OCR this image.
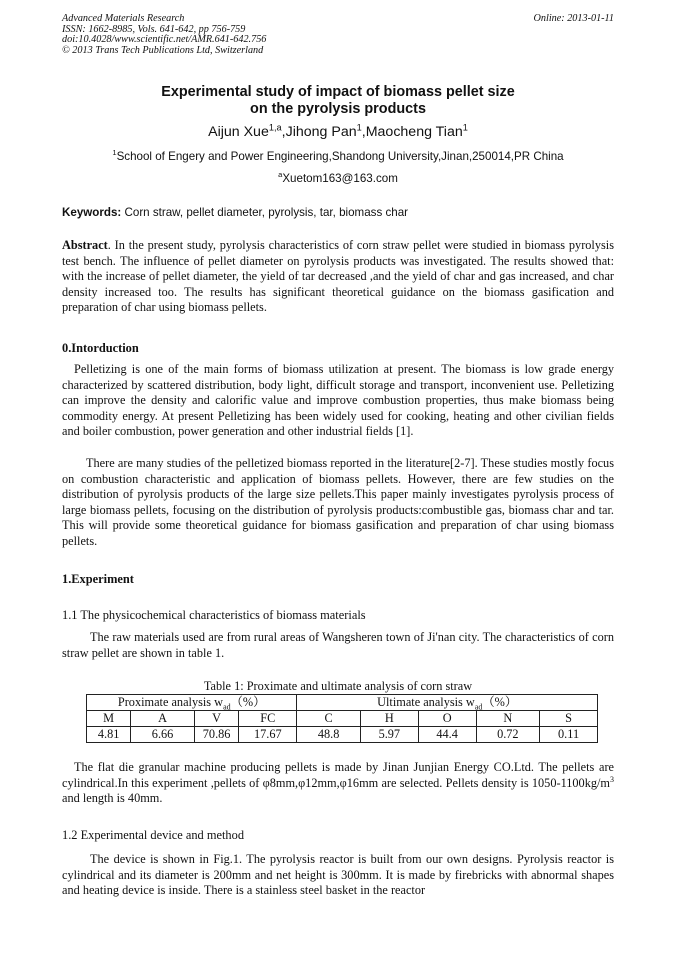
Advanced Materials Research
ISSN: 1662-8985, Vols. 641-642, pp 756-759
doi:10.4028/www.scientific.net/AMR.641-642.756
© 2013 Trans Tech Publications Ltd, Switzerland
Online: 2013-01-11
Experimental study of impact of biomass pellet size
on the pyrolysis products
Aijun Xue$^{1,a}$,Jihong Pan$^1$,Maocheng Tian$^1$
$^1$School of Engery and Power Engineering,Shandong University,Jinan,250014,PR China
$^a$Xuetom163@163.com
Keywords: Corn straw, pellet diameter, pyrolysis, tar, biomass char

Abstract. In the present study, pyrolysis characteristics of corn straw pellet were studied in biomass pyrolysis test bench. The influence of pellet diameter on pyrolysis products was investigated. The results showed that: with the increase of pellet diameter, the yield of tar decreased ,and the yield of char and gas increased, and char density increased too. The results has significant theoretical guidance on the biomass gasification and preparation of char using biomass pellets.

0.Intorduction

Pelletizing is one of the main forms of biomass utilization at present. The biomass is low grade energy characterized by scattered distribution, body light, difficult storage and transport, inconvenient use. Pelletizing can improve the density and calorific value and improve combustion properties, thus make biomass being commodity energy. At present Pelletizing has been widely used for cooking, heating and other civilian fields and boiler combustion, power generation and other industrial fields [1].

There are many studies of the pelletized biomass reported in the literature[2-7]. These studies mostly focus on combustion characteristic and application of biomass pellets. However, there are few studies on the distribution of pyrolysis products of the large size pellets.This paper mainly investigates pyrolysis process of large biomass pellets, focusing on the distribution of pyrolysis products:combustible gas, biomass char and tar. This will provide some theoretical guidance for biomass gasification and preparation of char using biomass pellets.

1.Experiment

1.1 The physicochemical characteristics of biomass materials

The raw materials used are from rural areas of Wangsheren town of Ji'nan city. The characteristics of corn straw pellet are shown in table 1.

Table 1: Proximate and ultimate analysis of corn straw
Proximate analysis $w_{ad}(\%)$				Ultimate analysis $w_{ad}(\%)$				
M	A	V	FC	C	H	O	N	S
4.81	6.66	70.86	17.67	48.8	5.97	44.4	0.72	0.11

The flat die granular machine producing pellets is made by Jinan Junjian Energy CO.Ltd. The pellets are cylindrical.In this experiment ,pellets of φ8mm,φ12mm,φ16mm are selected. Pellets density is $1050-1100kg/m^3$ and length is 40mm.

1.2 Experimental device and method

The device is shown in Fig.1. The pyrolysis reactor is built from our own designs. Pyrolysis reactor is cylindrical and its diameter is 200mm and net height is 300mm. It is made by firebricks with abnormal shapes and heating device is inside. There is a stainless steel basket in the reactor
